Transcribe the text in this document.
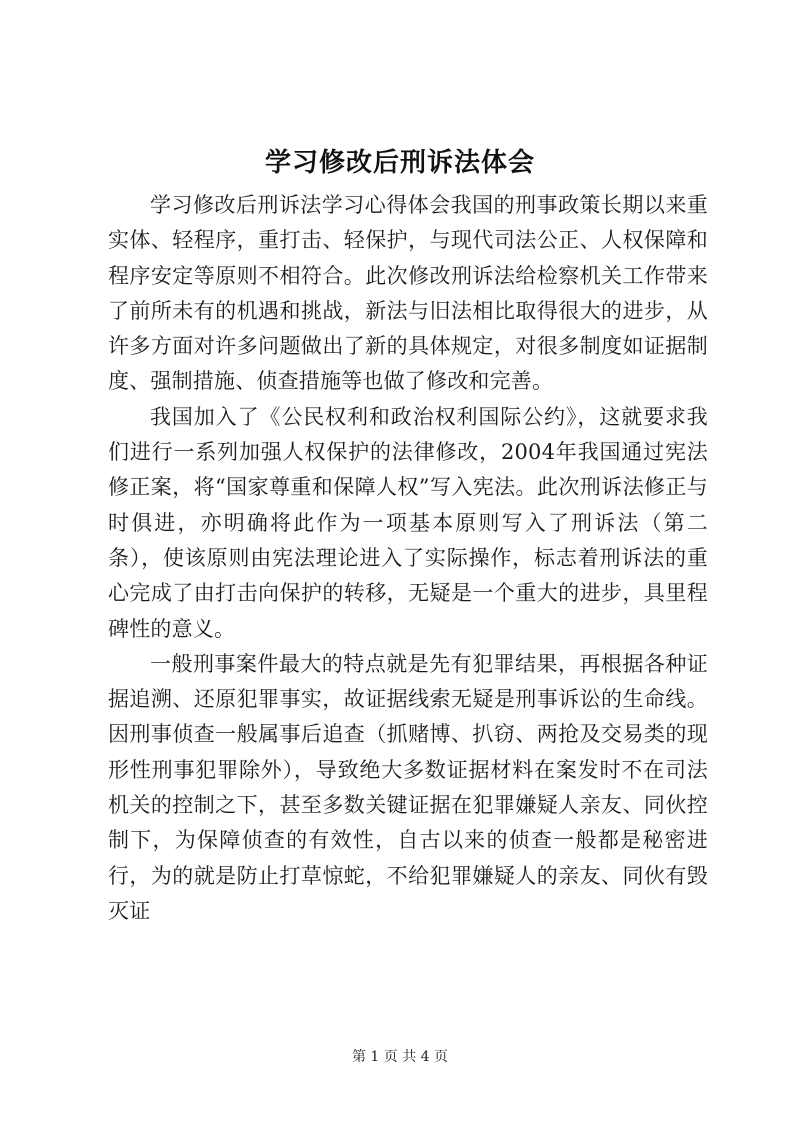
学习修改后刑诉法体会

学习修改后刑诉法学习心得体会我国的刑事政策长期以来重实体、轻程序，重打击、轻保护，与现代司法公正、人权保障和程序安定等原则不相符合。此次修改刑诉法给检察机关工作带来了前所未有的机遇和挑战，新法与旧法相比取得很大的进步，从许多方面对许多问题做出了新的具体规定，对很多制度如证据制度、强制措施、侦查措施等也做了修改和完善。

我国加入了《公民权利和政治权利国际公约》，这就要求我们进行一系列加强人权保护的法律修改，2004年我国通过宪法修正案，将“国家尊重和保障人权”写入宪法。此次刑诉法修正与时俱进，亦明确将此作为一项基本原则写入了刑诉法（第二条），使该原则由宪法理论进入了实际操作，标志着刑诉法的重心完成了由打击向保护的转移，无疑是一个重大的进步，具里程碑性的意义。

一般刑事案件最大的特点就是先有犯罪结果，再根据各种证据追溯、还原犯罪事实，故证据线索无疑是刑事诉讼的生命线。因刑事侦查一般属事后追查（抓赌博、扒窃、两抢及交易类的现形性刑事犯罪除外），导致绝大多数证据材料在案发时不在司法机关的控制之下，甚至多数关键证据在犯罪嫌疑人亲友、同伙控制下，为保障侦查的有效性，自古以来的侦查一般都是秘密进行，为的就是防止打草惊蛇，不给犯罪嫌疑人的亲友、同伙有毁灭证

第 1 页 共 4 页
